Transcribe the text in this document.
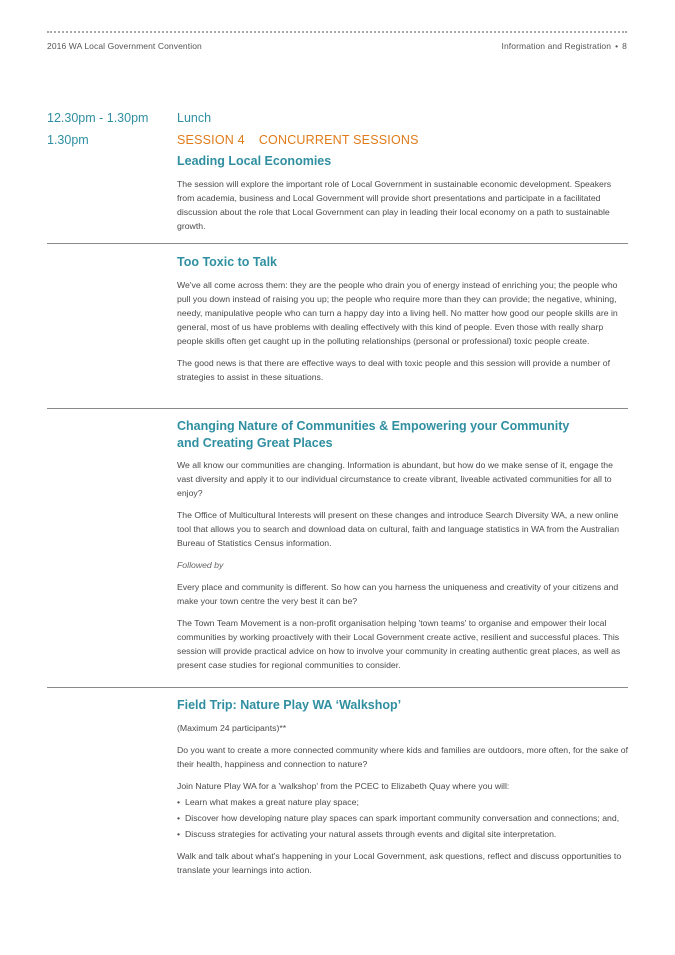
2016 WA Local Government Convention	Information and Registration • 8
12.30pm - 1.30pm Lunch
1.30pm	SESSION 4 CONCURRENT SESSIONS
Leading Local Economies

The session will explore the important role of Local Government in sustainable economic development. Speakers from academia, business and Local Government will provide short presentations and participate in a facilitated discussion about the role that Local Government can play in leading their local economy on a path to sustainable growth.

Too Toxic to Talk

We've all come across them: they are the people who drain you of energy instead of enriching you; the people who pull you down instead of raising you up; the people who require more than they can provide; the negative, whining, needy, manipulative people who can turn a happy day into a living hell. No matter how good our people skills are in general, most of us have problems with dealing effectively with this kind of people. Even those with really sharp people skills often get caught up in the polluting relationships (personal or professional) toxic people create.

The good news is that there are effective ways to deal with toxic people and this session will provide a number of strategies to assist in these situations.

Changing Nature of Communities & Empowering your Community
and Creating Great Places

We all know our communities are changing. Information is abundant, but how do we make sense of it, engage the vast diversity and apply it to our individual circumstance to create vibrant, liveable activated communities for all to enjoy?

The Office of Multicultural Interests will present on these changes and introduce Search Diversity WA, a new online tool that allows you to search and download data on cultural, faith and language statistics in WA from the Australian Bureau of Statistics Census information.

Followed by

Every place and community is different. So how can you harness the uniqueness and creativity of your citizens and make your town centre the very best it can be?

The Town Team Movement is a non-profit organisation helping 'town teams' to organise and empower their local communities by working proactively with their Local Government create active, resilient and successful places. This session will provide practical advice on how to involve your community in creating authentic great places, as well as present case studies for regional communities to consider.

Field Trip: Nature Play WA ‘Walkshop’

(Maximum 24 participants)**

Do you want to create a more connected community where kids and families are outdoors, more often, for the sake of their health, happiness and connection to nature?

Join Nature Play WA for a 'walkshop' from the PCEC to Elizabeth Quay where you will:

• Learn what makes a great nature play space;
• Discover how developing nature play spaces can spark important community conversation and connections; and,
• Discuss strategies for activating your natural assets through events and digital site interpretation.

Walk and talk about what's happening in your Local Government, ask questions, reflect and discuss opportunities to translate your learnings into action.
